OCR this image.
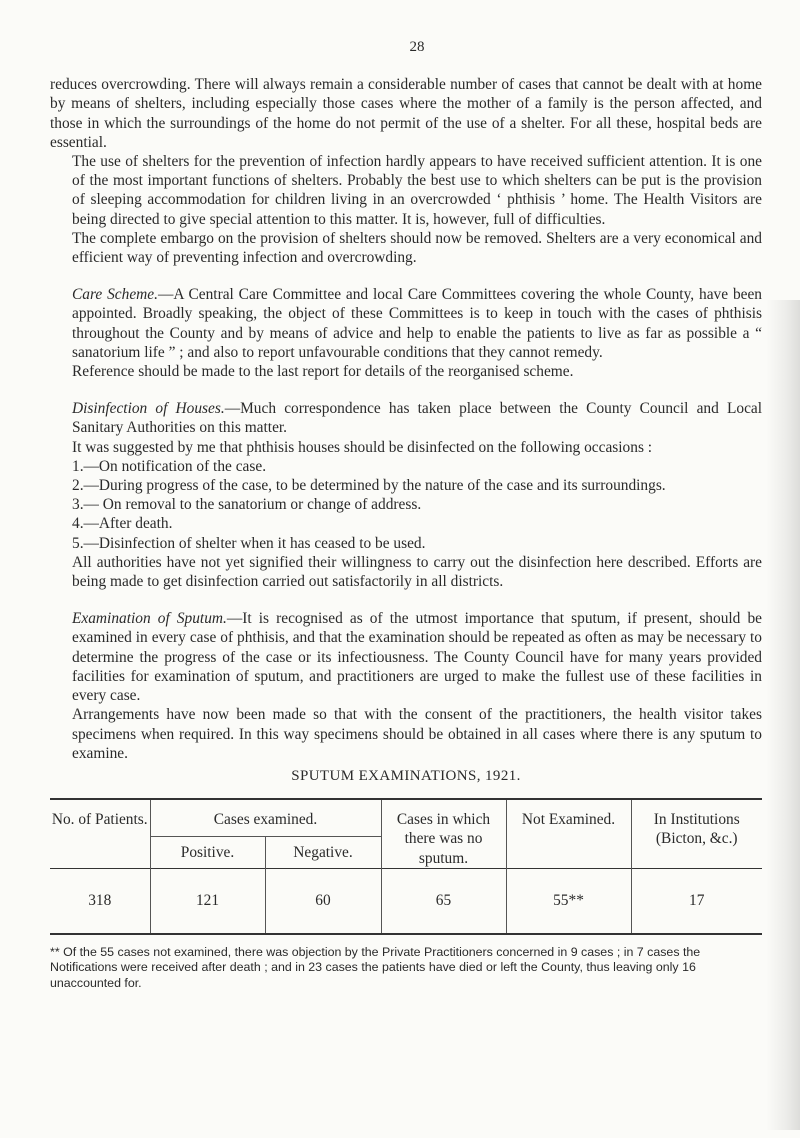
28

reduces overcrowding. There will always remain a considerable number of cases that cannot be dealt with at home by means of shelters, including especially those cases where the mother of a family is the person affected, and those in which the surroundings of the home do not permit of the use of a shelter. For all these, hospital beds are essential.

The use of shelters for the prevention of infection hardly appears to have received sufficient attention. It is one of the most important functions of shelters. Probably the best use to which shelters can be put is the provision of sleeping accommodation for children living in an overcrowded ‘ phthisis ’ home. The Health Visitors are being directed to give special attention to this matter. It is, however, full of difficulties.

The complete embargo on the provision of shelters should now be removed. Shelters are a very economical and efficient way of preventing infection and overcrowding.

Care Scheme.—A Central Care Committee and local Care Committees covering the whole County, have been appointed. Broadly speaking, the object of these Committees is to keep in touch with the cases of phthisis throughout the County and by means of advice and help to enable the patients to live as far as possible a “ sanatorium life ” ; and also to report unfavourable conditions that they cannot remedy.

Reference should be made to the last report for details of the reorganised scheme.

Disinfection of Houses.—Much correspondence has taken place between the County Council and Local Sanitary Authorities on this matter.

It was suggested by me that phthisis houses should be disinfected on the following occasions :

1.—On notification of the case.

2.—During progress of the case, to be determined by the nature of the case and its surroundings.

3.— On removal to the sanatorium or change of address.

4.—After death.

5.—Disinfection of shelter when it has ceased to be used.

All authorities have not yet signified their willingness to carry out the disinfection here described. Efforts are being made to get disinfection carried out satisfactorily in all districts.

Examination of Sputum.—It is recognised as of the utmost importance that sputum, if present, should be examined in every case of phthisis, and that the examination should be repeated as often as may be necessary to determine the progress of the case or its infectiousness. The County Council have for many years provided facilities for examination of sputum, and practitioners are urged to make the fullest use of these facilities in every case.

Arrangements have now been made so that with the consent of the practitioners, the health visitor takes specimens when required. In this way specimens should be obtained in all cases where there is any sputum to examine.

SPUTUM EXAMINATIONS, 1921.
No. of Patients.	Cases examined.		Cases in which there was no sputum.	Not Examined.	In Institutions (Bicton, &c.)
	Positive.	Negative.			
318	121	60	65	55**	17

** Of the 55 cases not examined, there was objection by the Private Practitioners concerned in 9 cases ; in 7 cases the Notifications were received after death ; and in 23 cases the patients have died or left the County, thus leaving only 16 unaccounted for.
